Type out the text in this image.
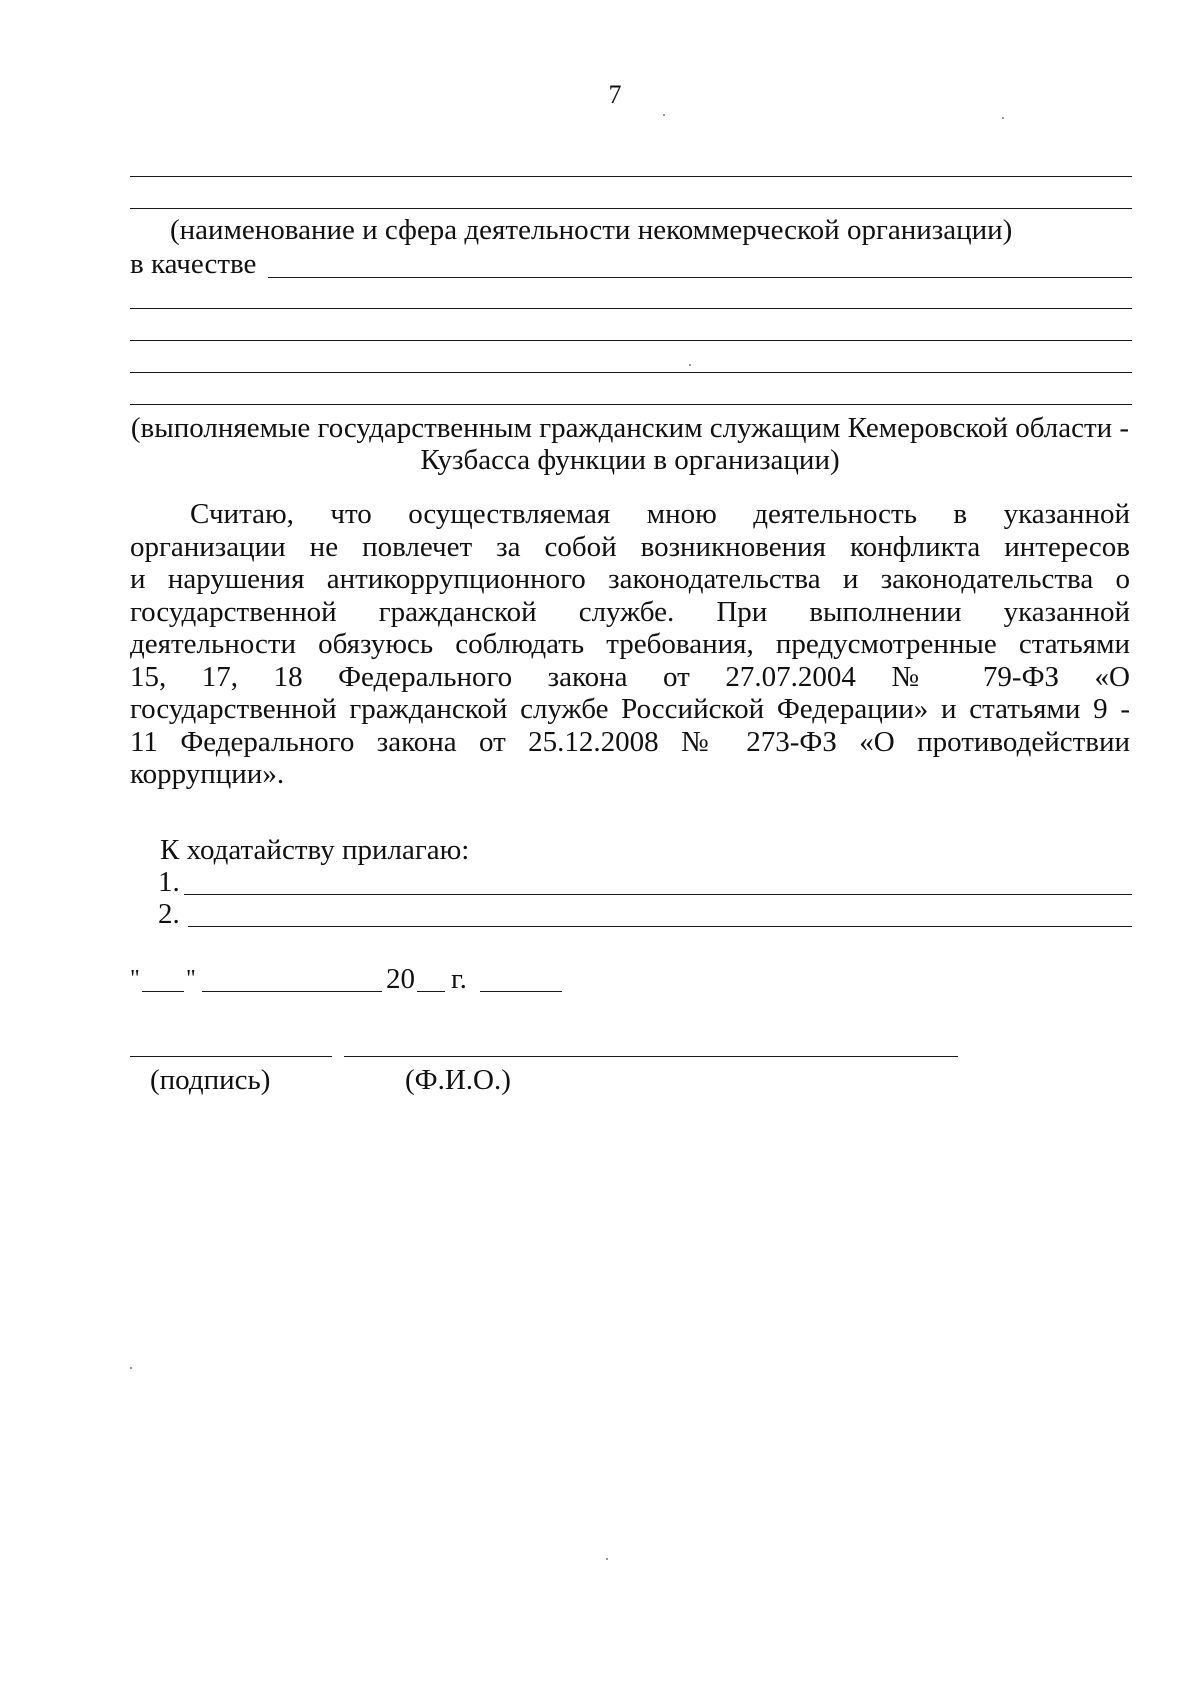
7
(наименование и сфера деятельности некоммерческой организации)
в качестве
(выполняемые государственным гражданским служащим Кемеровской области -
Кузбасса функции в организации)
Считаю, что осуществляемая мною деятельность в указанной
организации не повлечет за собой возникновения конфликта интересов
и нарушения антикоррупционного законодательства и законодательства о
государственной гражданской службе. При выполнении указанной
деятельности обязуюсь соблюдать требования, предусмотренные статьями
15, 17, 18 Федерального закона от 27.07.2004 № 79-ФЗ «О
государственной гражданской службе Российской Федерации» и статьями 9 -
11 Федерального закона от 25.12.2008 № 273-ФЗ «О противодействии
коррупции».
К ходатайству прилагаю:
1.
2.
" "	20 г.
(подпись)	(Ф.И.О.)
